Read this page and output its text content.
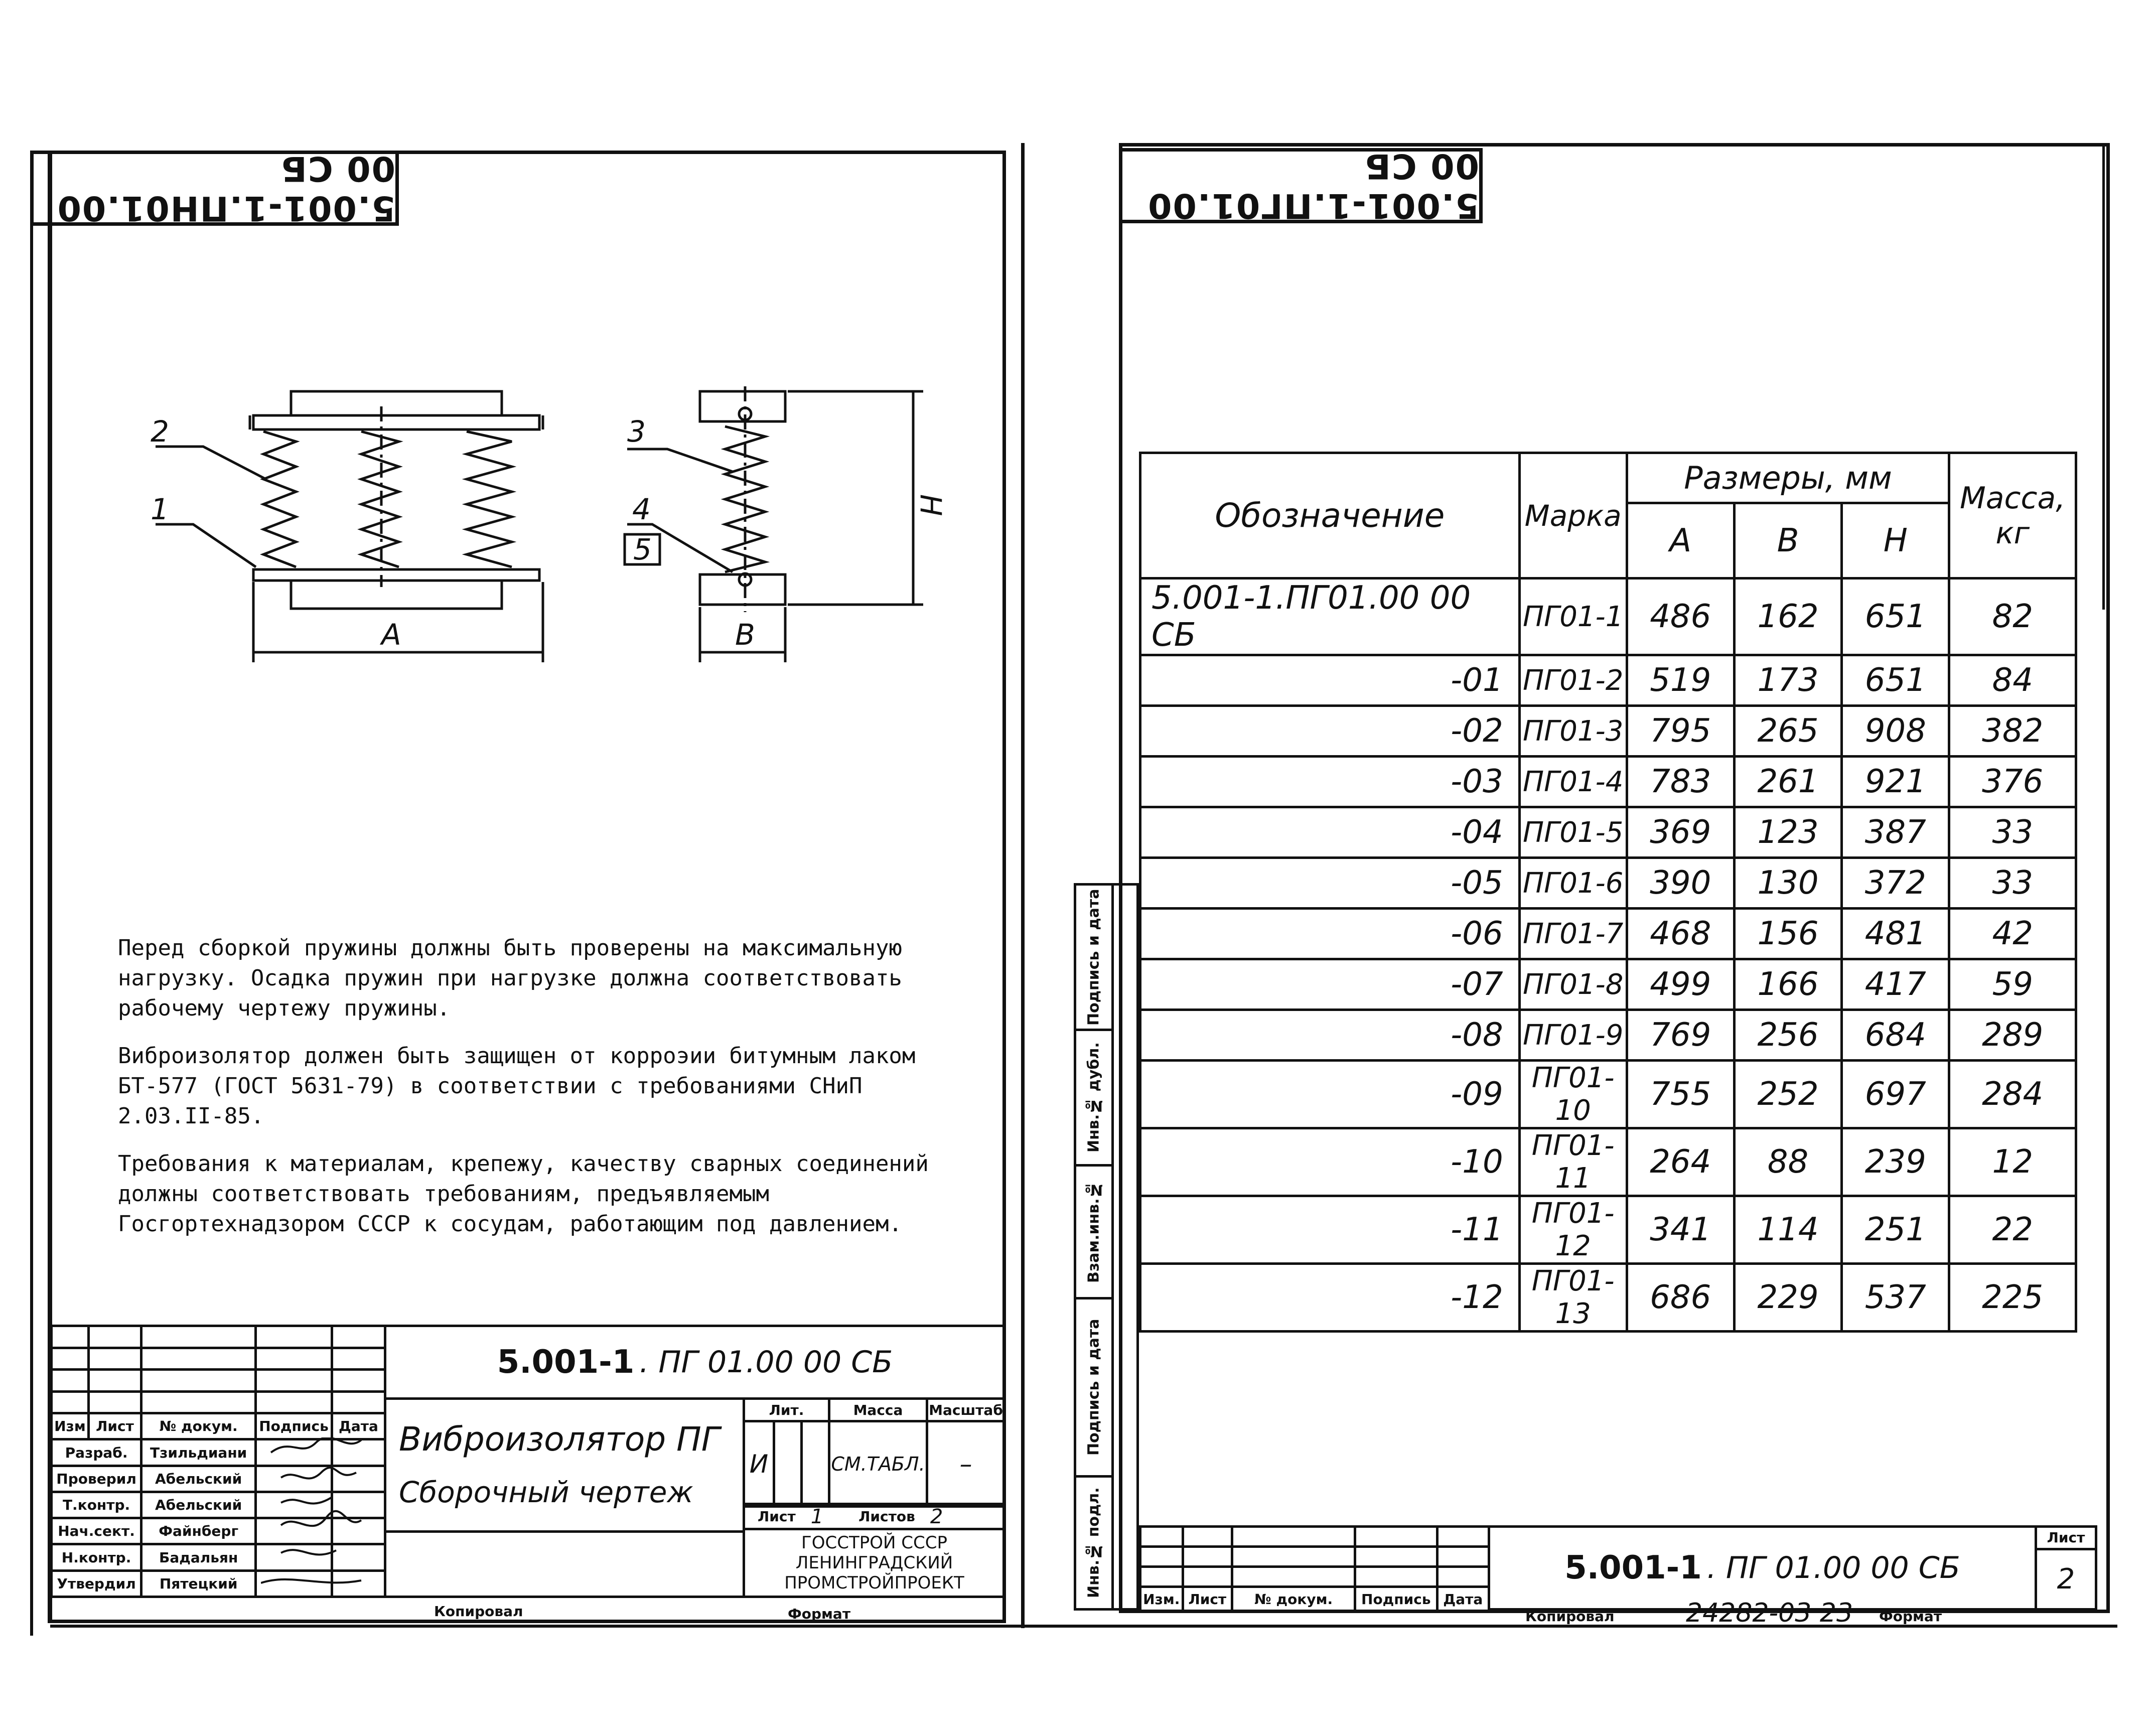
5.001-1.ПН01.00 00 СБ
2
1
A
3
4
5
B
H
Перед сборкой пружины должны быть проверены на максимальную нагрузку. Осадка пружин при нагрузке должна соответствовать рабочему чертежу пружины.
Виброизолятор должен быть защищен от корроэии битумным лаком БТ-577 (ГОСТ 5631-79) в соответствии с требованиями СНиП 2.03.II-85.
Требования к материалам, крепежу, качеству сварных соединений должны соответствовать требованиям, предъявляемым Госгортехнадзором СССР к сосудам, работающим под давлением.

Изм	Лист	№ докум.	Подпись	Дата
Разраб.		Тзильдиани		
Проверил		Абельский		
Т.контр.		Абельский		
Нач.сект.		Файнберг		
Н.контр.		Бадальян		
Утвердил		Пятецкий		
5.001-1 . ПГ 01.00 00 СБ
Виброизолятор ПГ
Сборочный чертеж
Лит.			Масса	Масштаб
И			СМ.ТАБЛ.	–
Лист 1	Листов 2
ГОССТРОЙ СССР
ЛЕНИНГРАДСКИЙ
ПРОМСТРОЙПРОЕКТ
Копировал	Формат
5.001-1.ПГ01.00 00 СБ
Инв.№ подл.
Подпись и дата
Взам.инв.№
Инв.№ дубл.
Подпись и дата
Обозначение	Марка	Размеры, мм			Масса, кг
		А	В	Н	
5.001-1.ПГ01.00 00 СБ	ПГ01-1	486	162	651	82
-01	ПГ01-2	519	173	651	84
-02	ПГ01-3	795	265	908	382
-03	ПГ01-4	783	261	921	376
-04	ПГ01-5	369	123	387	33
-05	ПГ01-6	390	130	372	33
-06	ПГ01-7	468	156	481	42
-07	ПГ01-8	499	166	417	59
-08	ПГ01-9	769	256	684	289
-09	ПГ01-10	755	252	697	284
-10	ПГ01-11	264	88	239	12
-11	ПГ01-12	341	114	251	22
-12	ПГ01-13	686	229	537	225

Изм.	Лист	№ докум.	Подпись	Дата
5.001-1 . ПГ 01.00 00 СБ
Лист
2
Копировал	24282-03 23 Формат
